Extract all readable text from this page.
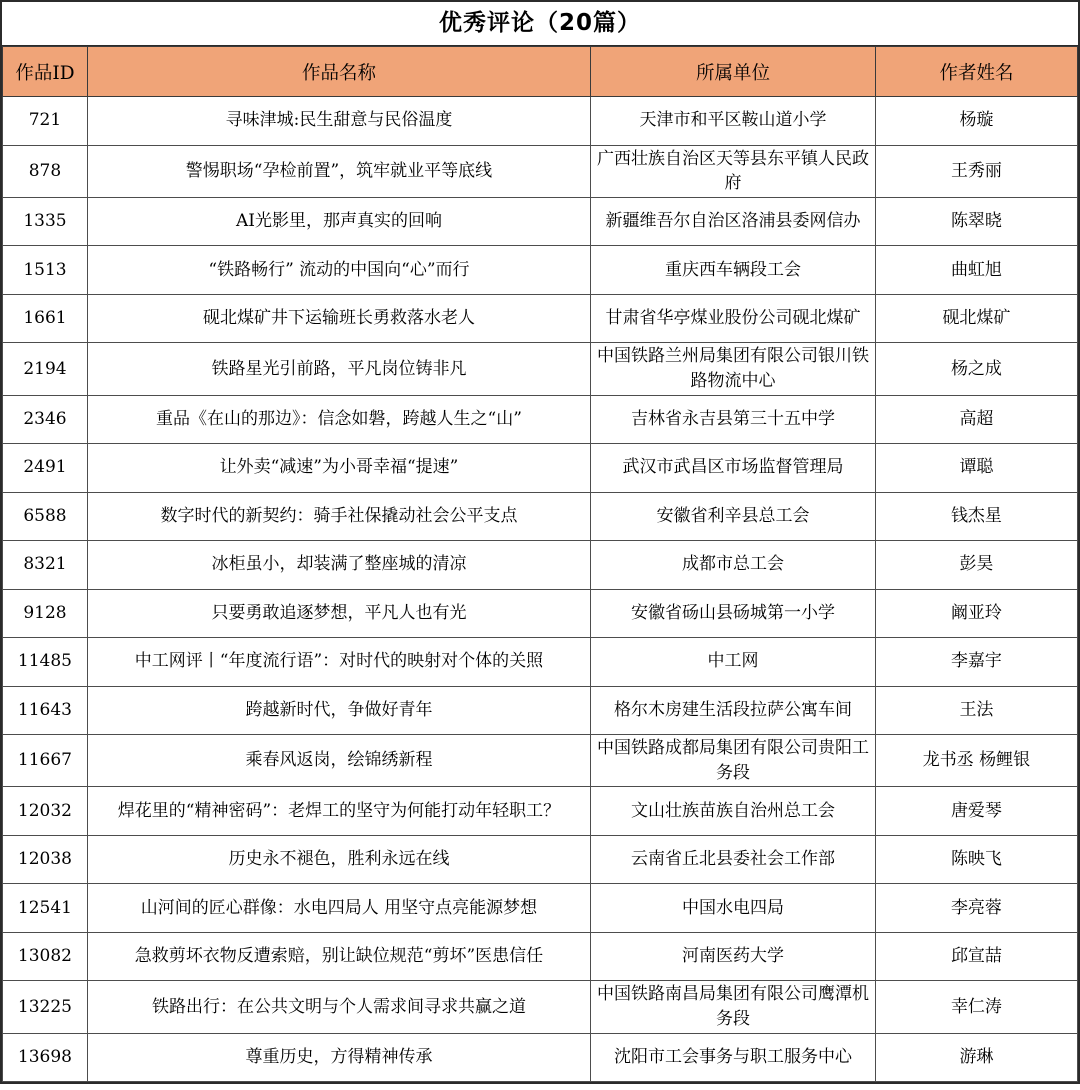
优秀评论（20篇）
作品ID	作品名称	所属单位	作者姓名
721	寻味津城:民生甜意与民俗温度	天津市和平区鞍山道小学	杨璇
878	警惕职场“孕检前置”，筑牢就业平等底线	广西壮族自治区天等县东平镇人民政府	王秀丽
1335	AI光影里，那声真实的回响	新疆维吾尔自治区洛浦县委网信办	陈翠晓
1513	“铁路畅行” 流动的中国向“心”而行	重庆西车辆段工会	曲虹旭
1661	砚北煤矿井下运输班长勇救落水老人	甘肃省华亭煤业股份公司砚北煤矿	砚北煤矿
2194	铁路星光引前路，平凡岗位铸非凡	中国铁路兰州局集团有限公司银川铁路物流中心	杨之成
2346	重品《在山的那边》：信念如磐，跨越人生之“山”	吉林省永吉县第三十五中学	高超
2491	让外卖“减速”为小哥幸福“提速”	武汉市武昌区市场监督管理局	谭聪
6588	数字时代的新契约：骑手社保撬动社会公平支点	安徽省利辛县总工会	钱杰星
8321	冰柜虽小，却装满了整座城的清凉	成都市总工会	彭昊
9128	只要勇敢追逐梦想，平凡人也有光	安徽省砀山县砀城第一小学	阚亚玲
11485	中工网评丨“年度流行语”：对时代的映射对个体的关照	中工网	李嘉宇
11643	跨越新时代，争做好青年	格尔木房建生活段拉萨公寓车间	王法
11667	乘春风返岗，绘锦绣新程	中国铁路成都局集团有限公司贵阳工务段	龙书丞 杨鲤银
12032	焊花里的“精神密码”：老焊工的坚守为何能打动年轻职工？	文山壮族苗族自治州总工会	唐爱琴
12038	历史永不褪色，胜利永远在线	云南省丘北县委社会工作部	陈映飞
12541	山河间的匠心群像：水电四局人 用坚守点亮能源梦想	中国水电四局	李亮蓉
13082	急救剪坏衣物反遭索赔，别让缺位规范“剪坏”医患信任	河南医药大学	邱宣喆
13225	铁路出行：在公共文明与个人需求间寻求共赢之道	中国铁路南昌局集团有限公司鹰潭机务段	幸仁涛
13698	尊重历史，方得精神传承	沈阳市工会事务与职工服务中心	游琳
